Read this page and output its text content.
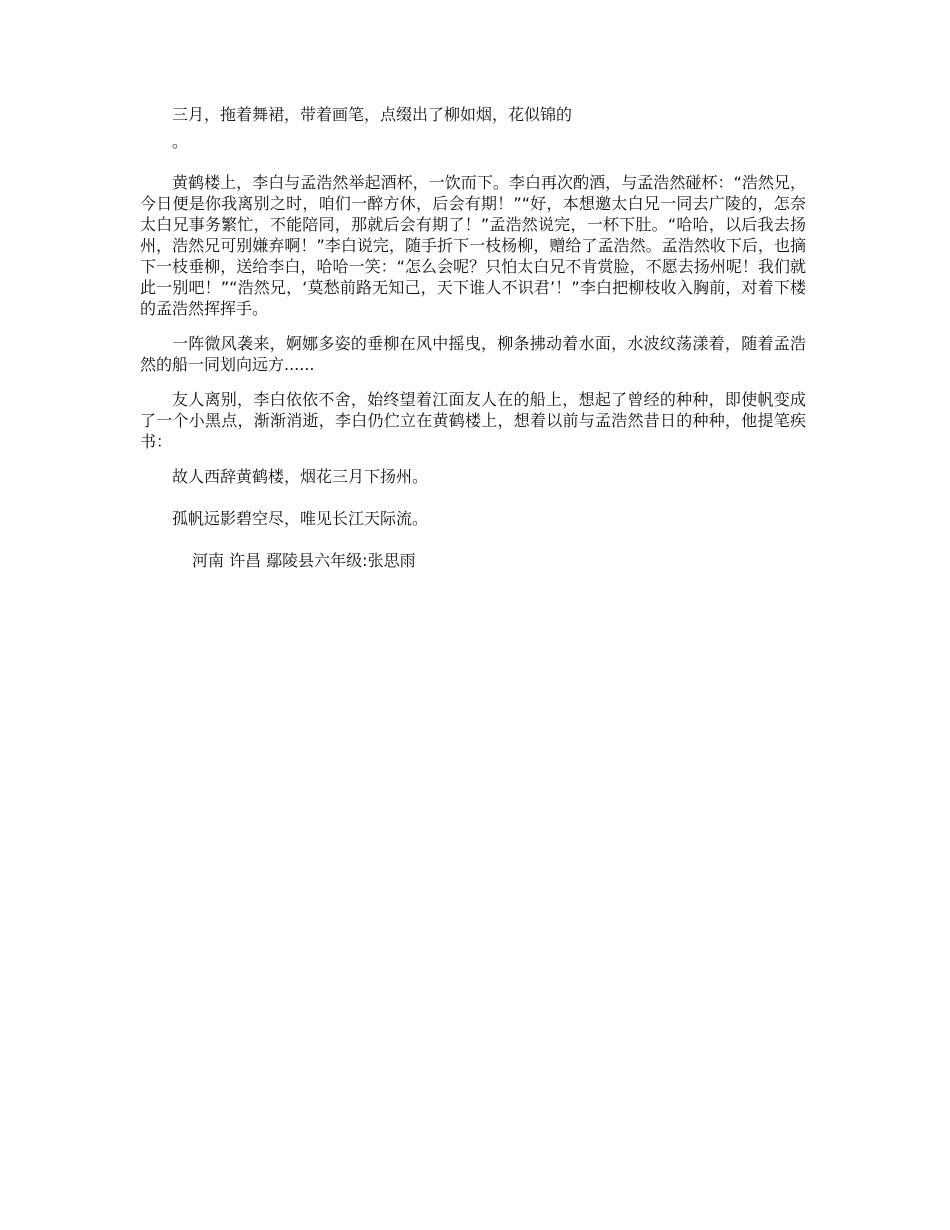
三月，拖着舞裙，带着画笔，点缀出了柳如烟，花似锦的

。

黄鹤楼上，李白与孟浩然举起酒杯，一饮而下。李白再次酌酒，与孟浩然碰杯：“浩然兄，今日便是你我离别之时，咱们一醉方休，后会有期！”“好，本想邀太白兄一同去广陵的，怎奈太白兄事务繁忙，不能陪同，那就后会有期了！”孟浩然说完，一杯下肚。“哈哈，以后我去扬州，浩然兄可别嫌弃啊！”李白说完，随手折下一枝杨柳，赠给了孟浩然。孟浩然收下后，也摘下一枝垂柳，送给李白，哈哈一笑：“怎么会呢？只怕太白兄不肯赏脸，不愿去扬州呢！我们就此一别吧！”“浩然兄，‘莫愁前路无知己，天下谁人不识君’！”李白把柳枝收入胸前，对着下楼的孟浩然挥挥手。

一阵微风袭来，婀娜多姿的垂柳在风中摇曳，柳条拂动着水面，水波纹荡漾着，随着孟浩然的船一同划向远方......

友人离别，李白依依不舍，始终望着江面友人在的船上，想起了曾经的种种，即使帆变成了一个小黑点，渐渐消逝，李白仍伫立在黄鹤楼上，想着以前与孟浩然昔日的种种，他提笔疾书：

故人西辞黄鹤楼，烟花三月下扬州。

孤帆远影碧空尽，唯见长江天际流。

河南 许昌 鄢陵县六年级:张思雨
